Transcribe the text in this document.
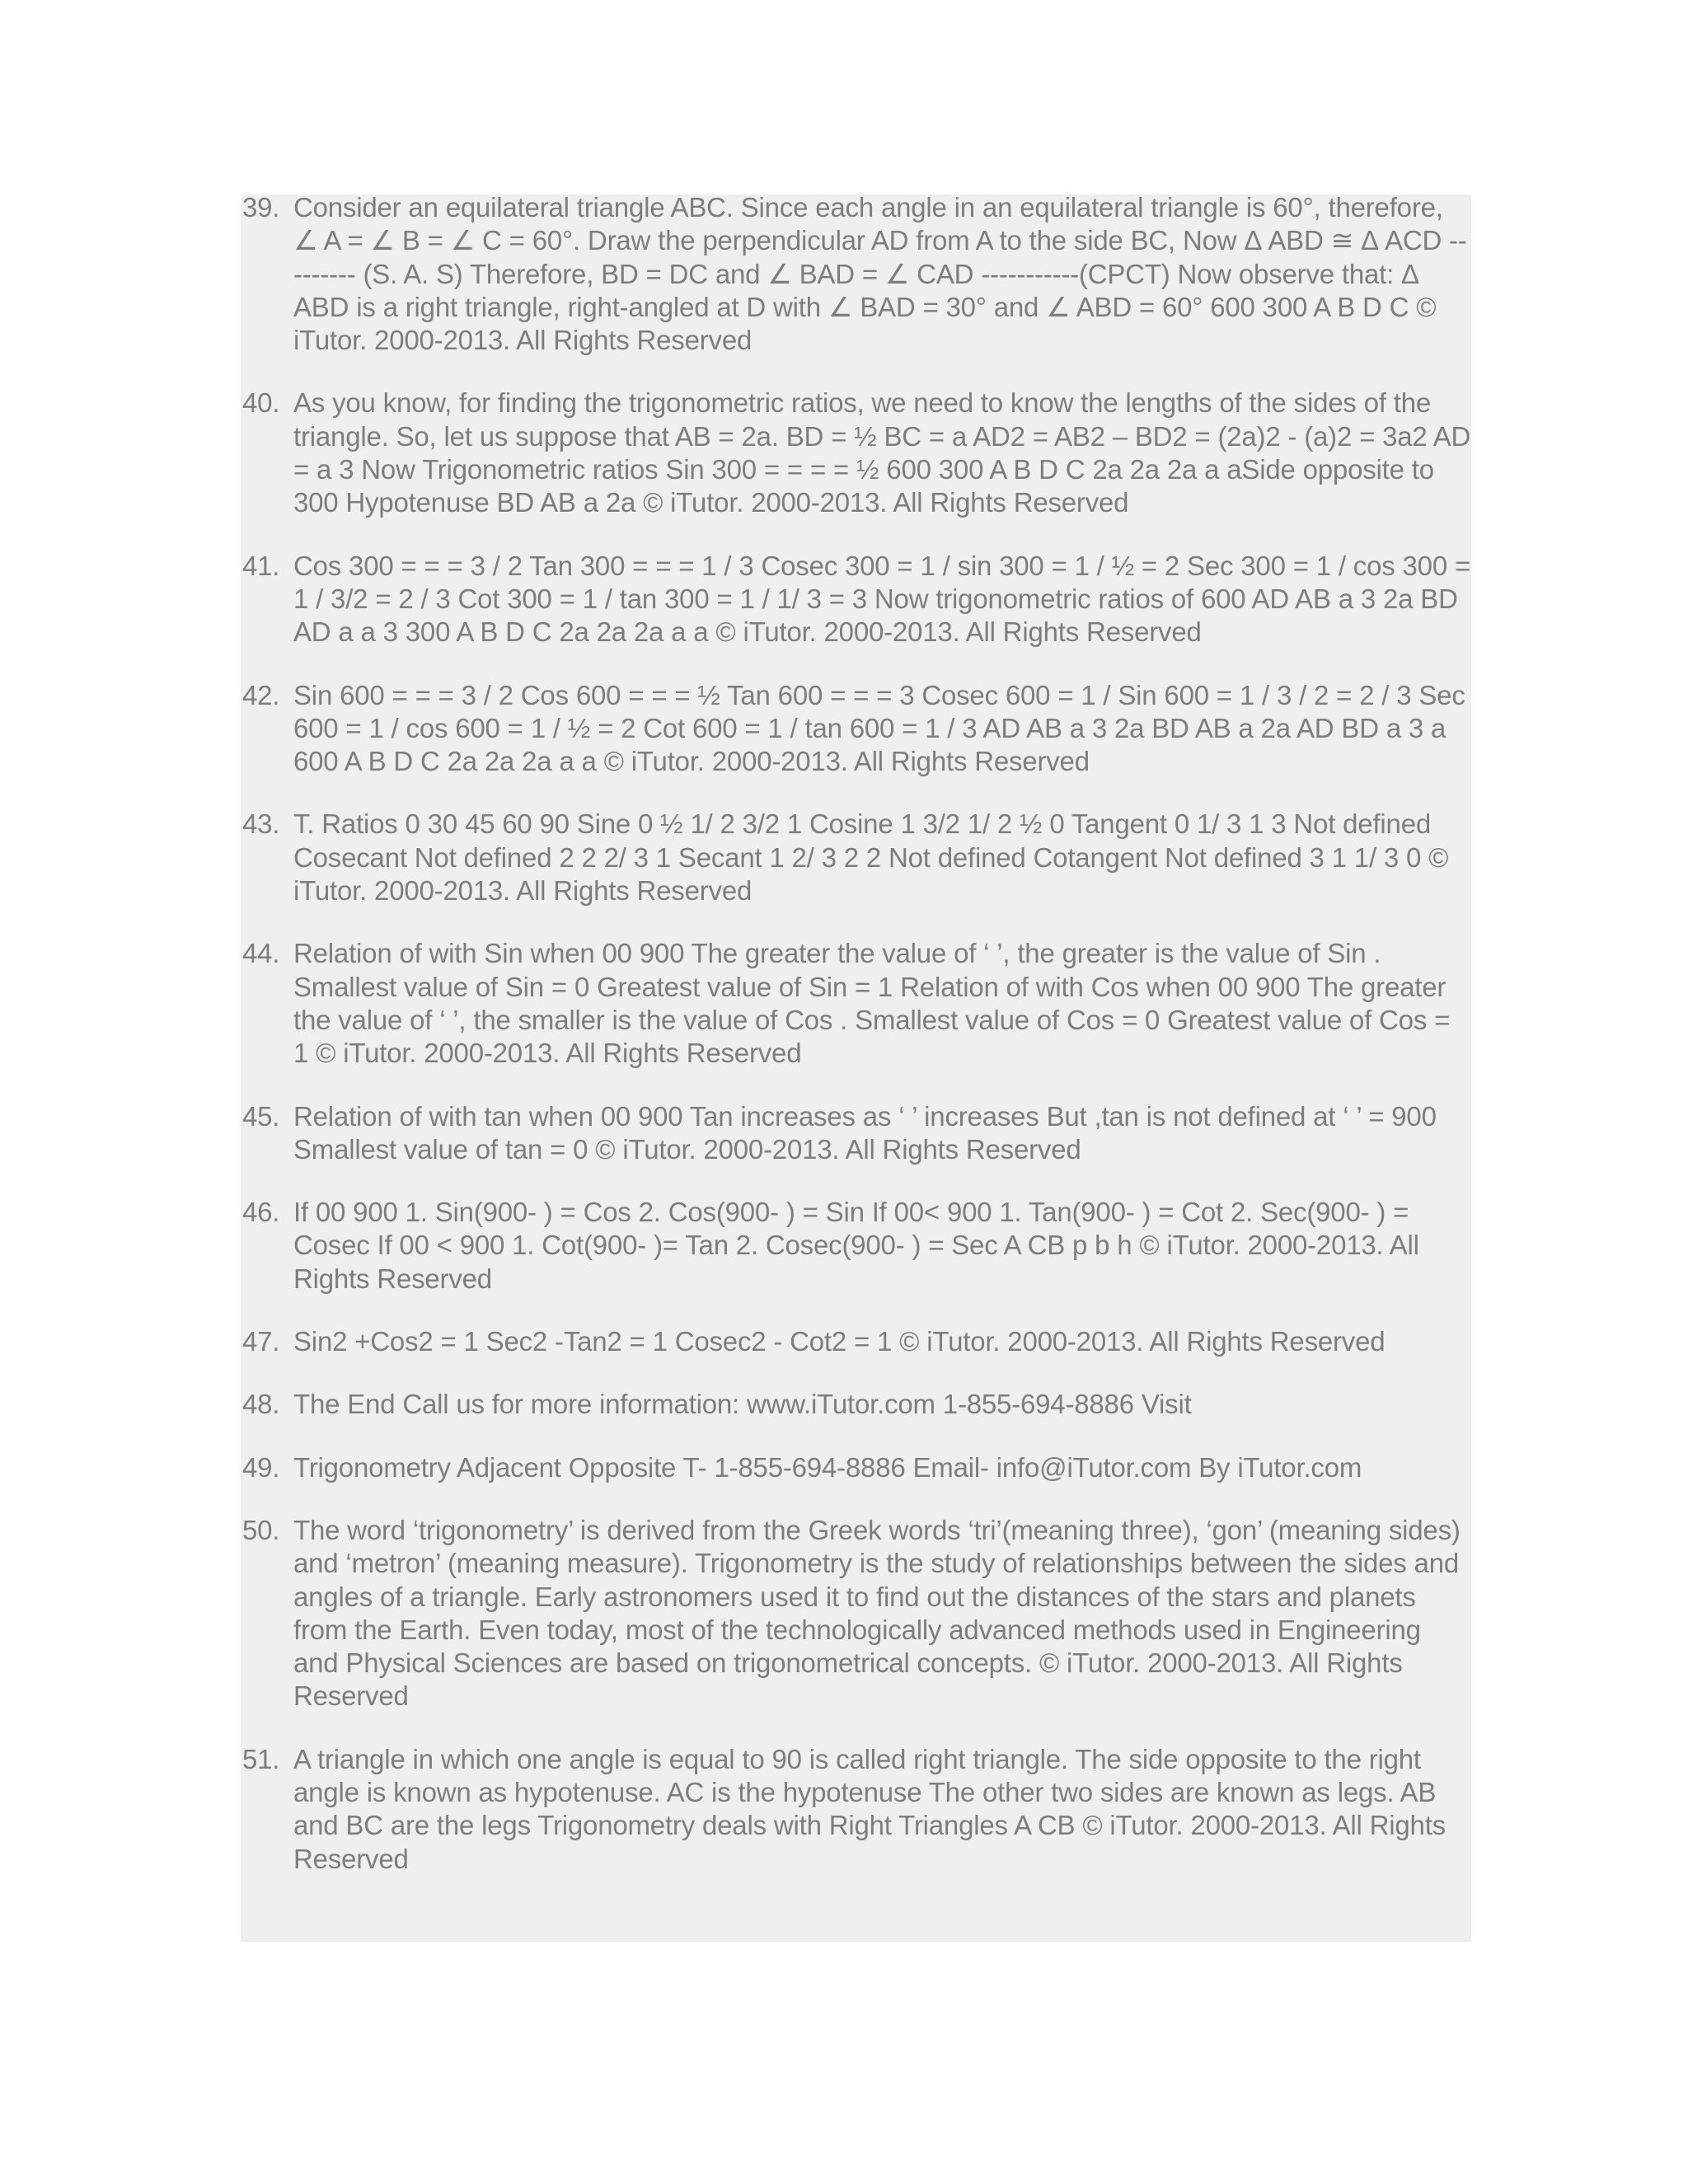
39. Consider an equilateral triangle ABC. Since each angle in an equilateral triangle is 60°, therefore, ∠ A = ∠ B = ∠ C = 60°. Draw the perpendicular AD from A to the side BC, Now Δ ABD ≅ Δ ACD --------- (S. A. S) Therefore, BD = DC and ∠ BAD = ∠ CAD -----------(CPCT) Now observe that: Δ ABD is a right triangle, right-angled at D with ∠ BAD = 30° and ∠ ABD = 60° 600 300 A B D C © iTutor. 2000-2013. All Rights Reserved
40. As you know, for finding the trigonometric ratios, we need to know the lengths of the sides of the triangle. So, let us suppose that AB = 2a. BD = ½ BC = a AD2 = AB2 – BD2 = (2a)2 - (a)2 = 3a2 AD = a 3 Now Trigonometric ratios Sin 300 = = = = ½ 600 300 A B D C 2a 2a 2a a aSide opposite to 300 Hypotenuse BD AB a 2a © iTutor. 2000-2013. All Rights Reserved
41. Cos 300 = = = 3 / 2 Tan 300 = = = 1 / 3 Cosec 300 = 1 / sin 300 = 1 / ½ = 2 Sec 300 = 1 / cos 300 = 1 / 3/2 = 2 / 3 Cot 300 = 1 / tan 300 = 1 / 1/ 3 = 3 Now trigonometric ratios of 600 AD AB a 3 2a BD AD a a 3 300 A B D C 2a 2a 2a a a © iTutor. 2000-2013. All Rights Reserved
42. Sin 600 = = = 3 / 2 Cos 600 = = = ½ Tan 600 = = = 3 Cosec 600 = 1 / Sin 600 = 1 / 3 / 2 = 2 / 3 Sec 600 = 1 / cos 600 = 1 / ½ = 2 Cot 600 = 1 / tan 600 = 1 / 3 AD AB a 3 2a BD AB a 2a AD BD a 3 a 600 A B D C 2a 2a 2a a a © iTutor. 2000-2013. All Rights Reserved
43. T. Ratios 0 30 45 60 90 Sine 0 ½ 1/ 2 3/2 1 Cosine 1 3/2 1/ 2 ½ 0 Tangent 0 1/ 3 1 3 Not defined Cosecant Not defined 2 2 2/ 3 1 Secant 1 2/ 3 2 2 Not defined Cotangent Not defined 3 1 1/ 3 0 © iTutor. 2000-2013. All Rights Reserved
44. Relation of with Sin when 00 900 The greater the value of ‘ ’, the greater is the value of Sin . Smallest value of Sin = 0 Greatest value of Sin = 1 Relation of with Cos when 00 900 The greater the value of ‘ ’, the smaller is the value of Cos . Smallest value of Cos = 0 Greatest value of Cos = 1 © iTutor. 2000-2013. All Rights Reserved
45. Relation of with tan when 00 900 Tan increases as ‘ ’ increases But ,tan is not defined at ‘ ’ = 900 Smallest value of tan = 0 © iTutor. 2000-2013. All Rights Reserved
46. If 00 900 1. Sin(900- ) = Cos 2. Cos(900- ) = Sin If 00< 900 1. Tan(900- ) = Cot 2. Sec(900- ) = Cosec If 00 < 900 1. Cot(900- )= Tan 2. Cosec(900- ) = Sec A CB p b h © iTutor. 2000-2013. All Rights Reserved
47. Sin2 +Cos2 = 1 Sec2 -Tan2 = 1 Cosec2 - Cot2 = 1 © iTutor. 2000-2013. All Rights Reserved
48. The End Call us for more information: www.iTutor.com 1-855-694-8886 Visit
49. Trigonometry Adjacent Opposite T- 1-855-694-8886 Email- info@iTutor.com By iTutor.com
50. The word ‘trigonometry’ is derived from the Greek words ‘tri’(meaning three), ‘gon’ (meaning sides) and ‘metron’ (meaning measure). Trigonometry is the study of relationships between the sides and angles of a triangle. Early astronomers used it to find out the distances of the stars and planets from the Earth. Even today, most of the technologically advanced methods used in Engineering and Physical Sciences are based on trigonometrical concepts. © iTutor. 2000-2013. All Rights Reserved
51. A triangle in which one angle is equal to 90 is called right triangle. The side opposite to the right angle is known as hypotenuse. AC is the hypotenuse The other two sides are known as legs. AB and BC are the legs Trigonometry deals with Right Triangles A CB © iTutor. 2000-2013. All Rights Reserved
